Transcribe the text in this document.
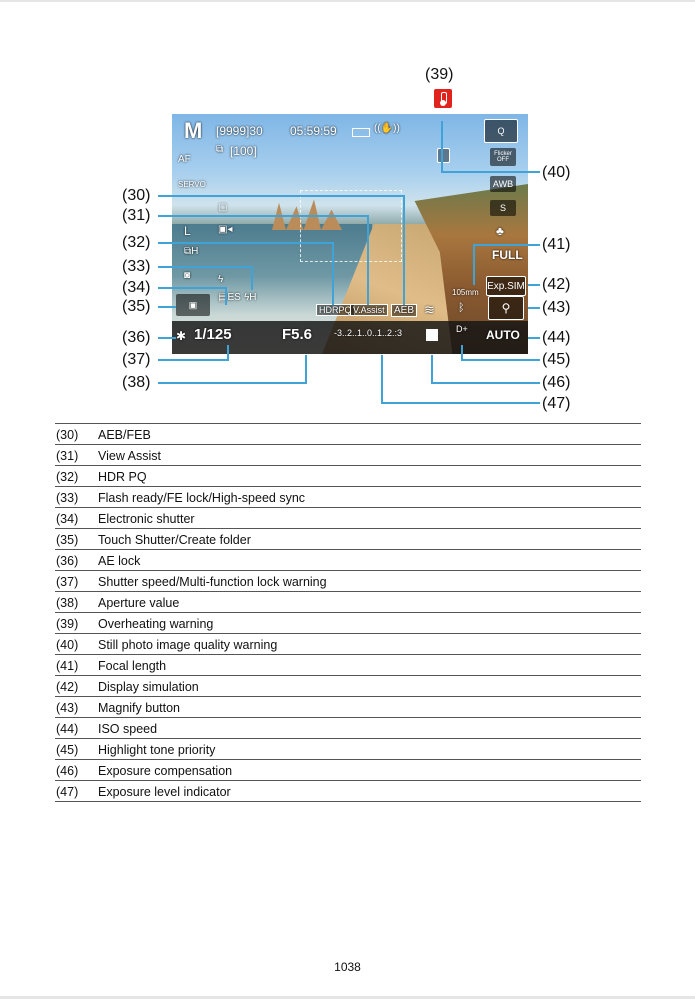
M [9999]30 05:59:59	((✋))
⧉ [100]
AF
SERVO
▢
L	▣◂
⧉H
◙	ϟ
▤ES ϟH
▣
Q
Flicker OFF
AWB
S
♣
FULL
105mm
Exp.SIM
⚲
HDRPQ V.Assist AEB ≋ ᛒ
✱ 1/125	F5.6 -3..2..1..0..1..2.:3	D+ AUTO
(39)
(40)
(30)
(31)
(41)
(32)
(33)
(42)
(34)
(35)	(43)
(36)	(44)
(37)	(45)
(38)	(46)
(47)
(30) AEB/FEB
(31) View Assist
(32) HDR PQ
(33) Flash ready/FE lock/High-speed sync
(34) Electronic shutter
(35) Touch Shutter/Create folder
(36) AE lock
(37) Shutter speed/Multi-function lock warning
(38) Aperture value
(39) Overheating warning
(40) Still photo image quality warning
(41) Focal length
(42) Display simulation
(43) Magnify button
(44) ISO speed
(45) Highlight tone priority
(46) Exposure compensation
(47) Exposure level indicator
1038
